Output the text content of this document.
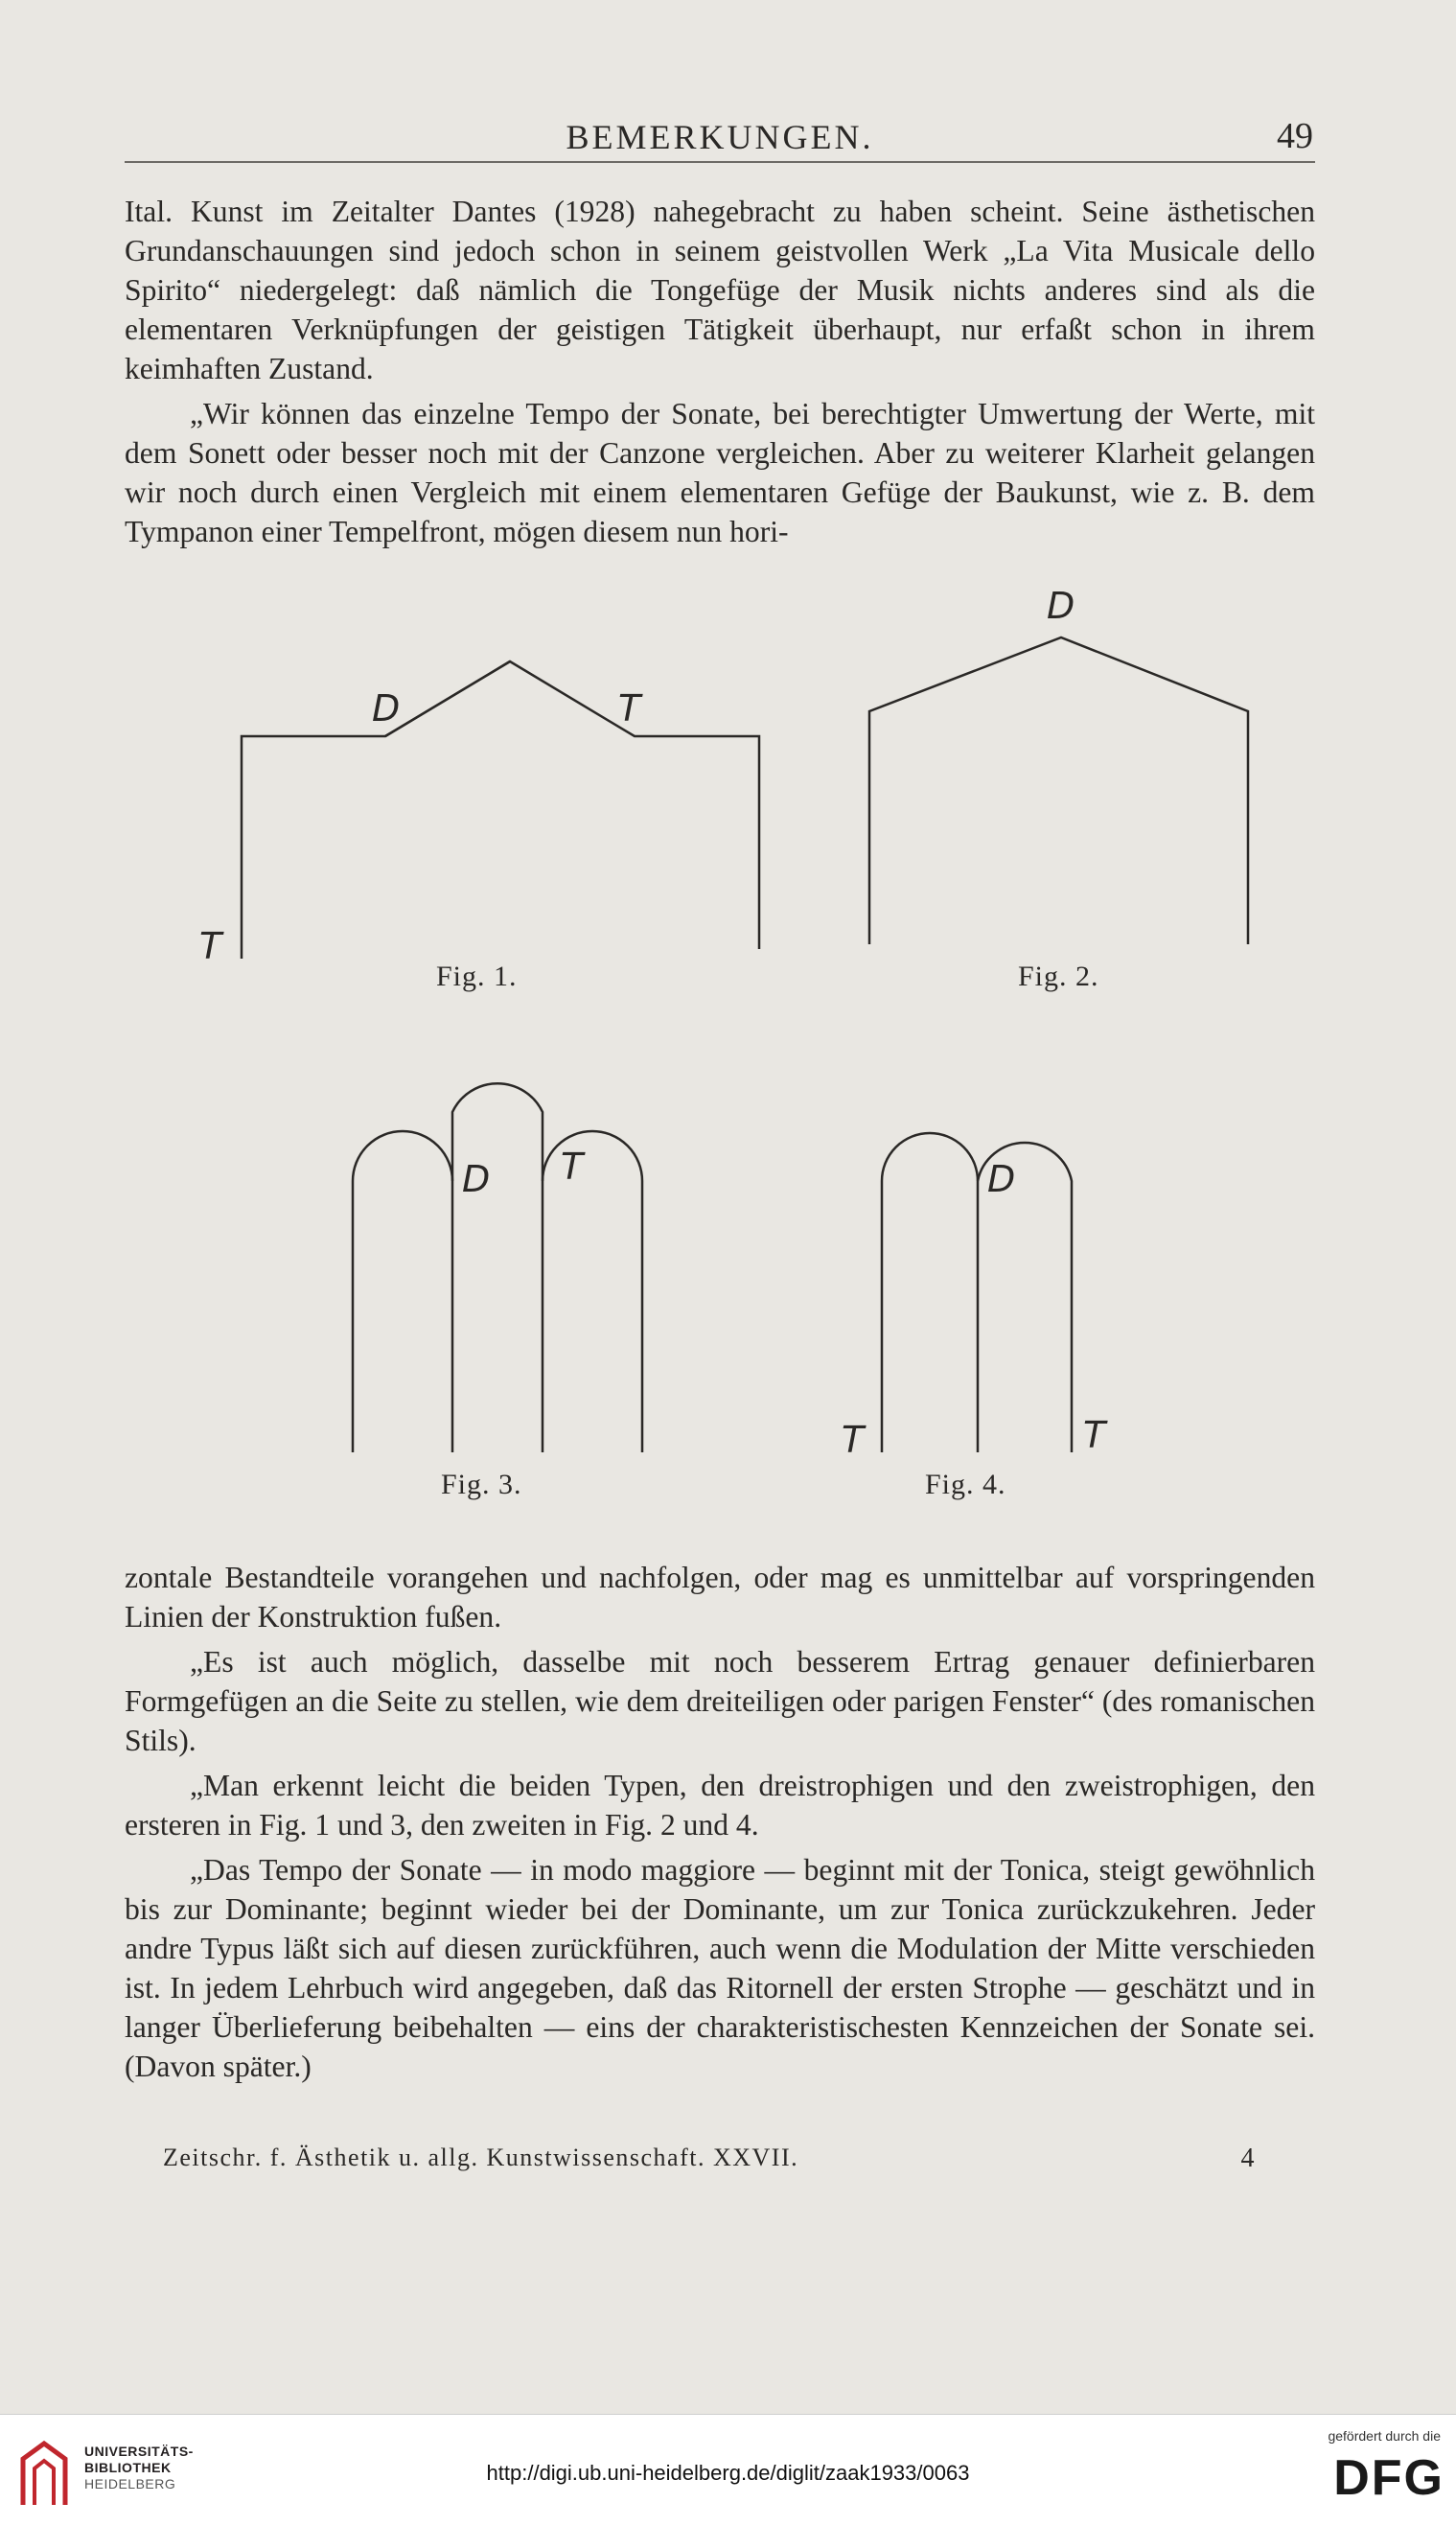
BEMERKUNGEN.	49

Ital. Kunst im Zeitalter Dantes (1928) nahegebracht zu haben scheint. Seine ästhetischen Grundanschauungen sind jedoch schon in seinem geistvollen Werk „La Vita Musicale dello Spirito“ niedergelegt: daß nämlich die Tongefüge der Musik nichts anderes sind als die elementaren Verknüpfungen der geistigen Tätigkeit überhaupt, nur erfaßt schon in ihrem keimhaften Zustand.

„Wir können das einzelne Tempo der Sonate, bei berechtigter Umwertung der Werte, mit dem Sonett oder besser noch mit der Canzone vergleichen. Aber zu weiterer Klarheit gelangen wir noch durch einen Vergleich mit einem elementaren Gefüge der Baukunst, wie z. B. dem Tympanon einer Tempelfront, mögen diesem nun hori-

D	T
T
Fig. 1.
D
Fig. 2.
D T
Fig. 3.
D
T	T
Fig. 4.

zontale Bestandteile vorangehen und nachfolgen, oder mag es unmittelbar auf vorspringenden Linien der Konstruktion fußen.

„Es ist auch möglich, dasselbe mit noch besserem Ertrag genauer definierbaren Formgefügen an die Seite zu stellen, wie dem dreiteiligen oder parigen Fenster“ (des romanischen Stils).

„Man erkennt leicht die beiden Typen, den dreistrophigen und den zweistrophigen, den ersteren in Fig. 1 und 3, den zweiten in Fig. 2 und 4.

„Das Tempo der Sonate — in modo maggiore — beginnt mit der Tonica, steigt gewöhnlich bis zur Dominante; beginnt wieder bei der Dominante, um zur Tonica zurückzukehren. Jeder andre Typus läßt sich auf diesen zurückführen, auch wenn die Modulation der Mitte verschieden ist. In jedem Lehrbuch wird angegeben, daß das Ritornell der ersten Strophe — geschätzt und in langer Überlieferung beibehalten — eins der charakteristischesten Kennzeichen der Sonate sei. (Davon später.)

Zeitschr. f. Ästhetik u. allg. Kunstwissenschaft. XXVII.	4
UNIVERSITÄTS-
BIBLIOTHEK
HEIDELBERG	http://digi.ub.uni-heidelberg.de/diglit/zaak1933/0063
gefördert durch die
DFG
